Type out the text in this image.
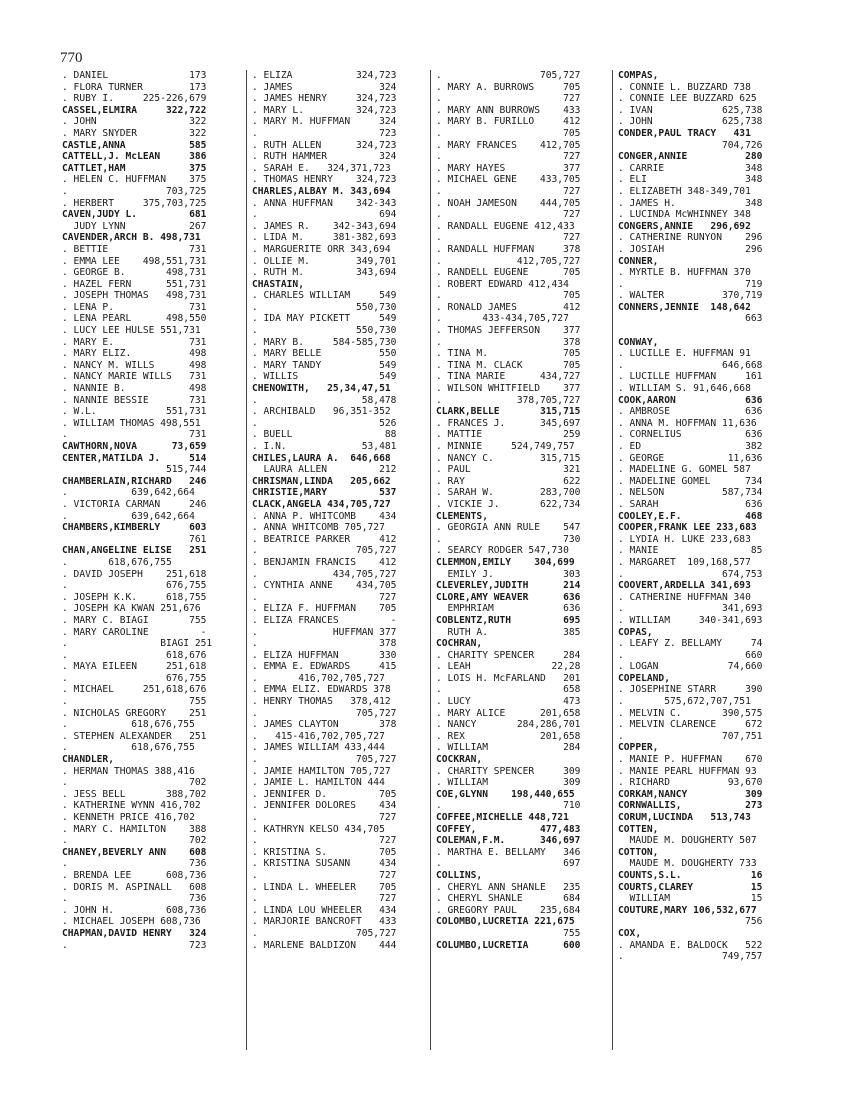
770
. DANIEL              173
. FLORA TURNER        173
. RUBY I.     225-226,679
CASSEL,ELMIRA     322,722
. JOHN                322
. MARY SNYDER         322
CASTLE,ANNA           585
CATTELL,J. McLEAN     386
CATTLET,HAM           375
. HELEN C. HUFFMAN    375
.                 703,725
. HERBERT     375,703,725
CAVEN,JUDY L.         681
JUDY LYNN           267
CAVENDER,ARCH B. 498,731
. BETTIE              731
. EMMA LEE    498,551,731
. GEORGE B.       498,731
. HAZEL FERN      551,731
. JOSEPH THOMAS   498,731
. LENA P.             731
. LENA PEARL      498,550
. LUCY LEE HULSE 551,731
. MARY E.             731
. MARY ELIZ.          498
. NANCY M. WILLS      498
. NANCY MARIE WILLS   731
. NANNIE B.           498
. NANNIE BESSIE       731
. W.L.            551,731
. WILLIAM THOMAS 498,551
.                     731
CAWTHORN,NOVA      73,659
CENTER,MATILDA J.     514
515,744
CHAMBERLAIN,RICHARD   246
.           639,642,664
. VICTORIA CARMAN     246
.           639,642,664
CHAMBERS,KIMBERLY     603
761
CHAN,ANGELINE ELISE   251
.       618,676,755
. DAVID JOSEPH    251,618
.                 676,755
. JOSEPH K.K.     618,755
. JOSEPH KA KWAN 251,676
. MARY C. BIAGI       755
. MARY CAROLINE         -
.                BIAGI 251
.                 618,676
. MAYA EILEEN     251,618
.                 676,755
. MICHAEL     251,618,676
.                     755
. NICHOLAS GREGORY    251
.           618,676,755
. STEPHEN ALEXANDER   251
.           618,676,755
CHANDLER,
. HERMAN THOMAS 388,416
.                     702
. JESS BELL       388,702
. KATHERINE WYNN 416,702
. KENNETH PRICE 416,702
. MARY C. HAMILTON    388
.                     702
CHANEY,BEVERLY ANN    608
.                     736
. BRENDA LEE      608,736
. DORIS M. ASPINALL   608
.                     736
. JOHN H.         608,736
. MICHAEL JOSEPH 608,736
CHAPMAN,DAVID HENRY   324
.                     723
. ELIZA           324,723
. JAMES               324
. JAMES HENRY     324,723
. MARY L.         324,723
. MARY M. HUFFMAN     324
.                     723
. RUTH ALLEN      324,723
. RUTH HAMMER         324
. SARAH E.   324,371,723
. THOMAS HENRY    324,723
CHARLES,ALBAY M. 343,694
. ANNA HUFFMAN    342-343
.                     694
. JAMES R.    342-343,694
. LIDA M.     381-382,693
. MARGUERITE ORR 343,694
. OLLIE M.        349,701
. RUTH M.         343,694
CHASTAIN,
. CHARLES WILLIAM     549
.                 550,730
. IDA MAY PICKETT     549
.                 550,730
. MARY B.     584-585,730
. MARY BELLE          550
. MARY TANDY          549
. WILLIS              549
CHENOWITH,   25,34,47,51
.                  58,478
. ARCHIBALD   96,351-352
.                     526
. BUELL                88
. I.N.             53,481
CHILES,LAURA A.  646,668
LAURA ALLEN         212
CHRISMAN,LINDA   205,662
CHRISTIE,MARY         537
CLACK,ANGELA 434,705,727
. ANNA P. WHITCOMB    434
. ANNA WHITCOMB 705,727
. BEATRICE PARKER     412
.                 705,727
. BENJAMIN FRANCIS    412
.             434,705,727
. CYNTHIA ANNE    434,705
.                     727
. ELIZA F. HUFFMAN    705
. ELIZA FRANCES         -
.             HUFFMAN 377
.                     378
. ELIZA HUFFMAN       330
. EMMA E. EDWARDS     415
.       416,702,705,727
. EMMA ELIZ. EDWARDS 378
. HENRY THOMAS   378,412
.                 705,727
. JAMES CLAYTON       378
.   415-416,702,705,727
. JAMES WILLIAM 433,444
.                 705,727
. JAMIE HAMILTON 705,727
. JAMIE L. HAMILTON 444
. JENNIFER D.         705
. JENNIFER DOLORES    434
.                     727
. KATHRYN KELSO 434,705
.                     727
. KRISTINA S.         705
. KRISTINA SUSANN     434
.                     727
. LINDA L. WHEELER    705
.                     727
. LINDA LOU WHEELER   434
. MARJORIE BANCROFT   433
.                 705,727
. MARLENE BALDIZON    444
.                 705,727
. MARY A. BURROWS     705
.                     727
. MARY ANN BURROWS    433
. MARY B. FURILLO     412
.                     705
. MARY FRANCES    412,705
.                     727
. MARY HAYES          377
. MICHAEL GENE    433,705
.                     727
. NOAH JAMESON    444,705
.                     727
. RANDALL EUGENE 412,433
.                     727
. RANDALL HUFFMAN     378
.             412,705,727
. RANDELL EUGENE      705
. ROBERT EDWARD 412,434
.                     705
. RONALD JAMES        412
.       433-434,705,727
. THOMAS JEFFERSON    377
.                     378
. TINA M.             705
. TINA M. CLACK       705
. TINA MARIE      434,727
. WILSON WHITFIELD    377
.             378,705,727
CLARK,BELLE       315,715
. FRANCES J.      345,697
. MATTIE              259
. MINNIE     524,749,757
. NANCY C.        315,715
. PAUL                321
. RAY                 622
. SARAH W.        283,700
. VICKIE J.       622,734
CLEMENTS,
. GEORGIA ANN RULE    547
.                     730
. SEARCY RODGER 547,730
CLEMMON,EMILY    304,699
EMILY J.            303
CLEVERLEY,JUDITH      214
CLORE,AMY WEAVER      636
EMPHRIAM            636
COBLENTZ,RUTH         695
RUTH A.             385
COCHRAN,
. CHARITY SPENCER     284
. LEAH              22,28
. LOIS H. McFARLAND   201
.                     658
. LUCY                473
. MARY ALICE      201,658
. NANCY       284,286,701
. REX             201,658
. WILLIAM             284
COCKRAN,
. CHARITY SPENCER     309
. WILLIAM             309
COE,GLYNN    198,440,655
.                     710
COFFEE,MICHELLE 448,721
COFFEY,           477,483
COLEMAN,F.M.      346,697
. MARTHA E. BELLAMY   346
.                     697
COLLINS,
. CHERYL ANN SHANLE   235
. CHERYL SHANLE       684
. GREGORY PAUL    235,684
COLOMBO,LUCRETIA 221,675
755
COLUMBO,LUCRETIA      600
COMPAS,
. CONNIE L. BUZZARD 738
. CONNIE LEE BUZZARD 625
. IVAN            625,738
. JOHN            625,738
CONDER,PAUL TRACY   431
704,726
CONGER,ANNIE          280
. CARRIE              348
. ELI                 348
. ELIZABETH 348-349,701
. JAMES H.            348
. LUCINDA McWHINNEY 348
CONGERS,ANNIE   296,692
. CATHERINE RUNYON    296
. JOSIAH              296
CONNER,
. MYRTLE B. HUFFMAN 370
.                     719
. WALTER          370,719
CONNERS,JENNIE  148,642
663
CONWAY,
. LUCILLE E. HUFFMAN 91
.                 646,668
. LUCILLE HUFFMAN     161
. WILLIAM S. 91,646,668
COOK,AARON            636
. AMBROSE             636
. ANNA M. HOFFMAN 11,636
. CORNELIUS           636
. ED                  382
. GEORGE           11,636
. MADELINE G. GOMEL 587
. MADELINE GOMEL      734
. NELSON          587,734
. SARAH               636
COOLEY,E.F.           468
COOPER,FRANK LEE 233,683
. LYDIA H. LUKE 233,683
. MANIE                85
. MARGARET  109,168,577
.                 674,753
COOVERT,ARDELLA 341,693
. CATHERINE HUFFMAN 340
.                 341,693
. WILLIAM     340-341,693
COPAS,
. LEAFY Z. BELLAMY     74
.                     660
. LOGAN            74,660
COPELAND,
. JOSEPHINE STARR     390
.       575,672,707,751
. MELVIN C.       390,575
. MELVIN CLARENCE     672
.                 707,751
COPPER,
. MANIE P. HUFFMAN    670
. MANIE PEARL HUFFMAN 93
. RICHARD          93,670
CORKAM,NANCY          309
CORNWALLIS,           273
CORUM,LUCINDA   513,743
COTTEN,
MAUDE M. DOUGHERTY 507
COTTON,
MAUDE M. DOUGHERTY 733
COUNTS,S.L.            16
COURTS,CLAREY          15
WILLIAM              15
COUTURE,MARY 106,532,677
756
COX,
. AMANDA E. BALDOCK   522
.                 749,757
